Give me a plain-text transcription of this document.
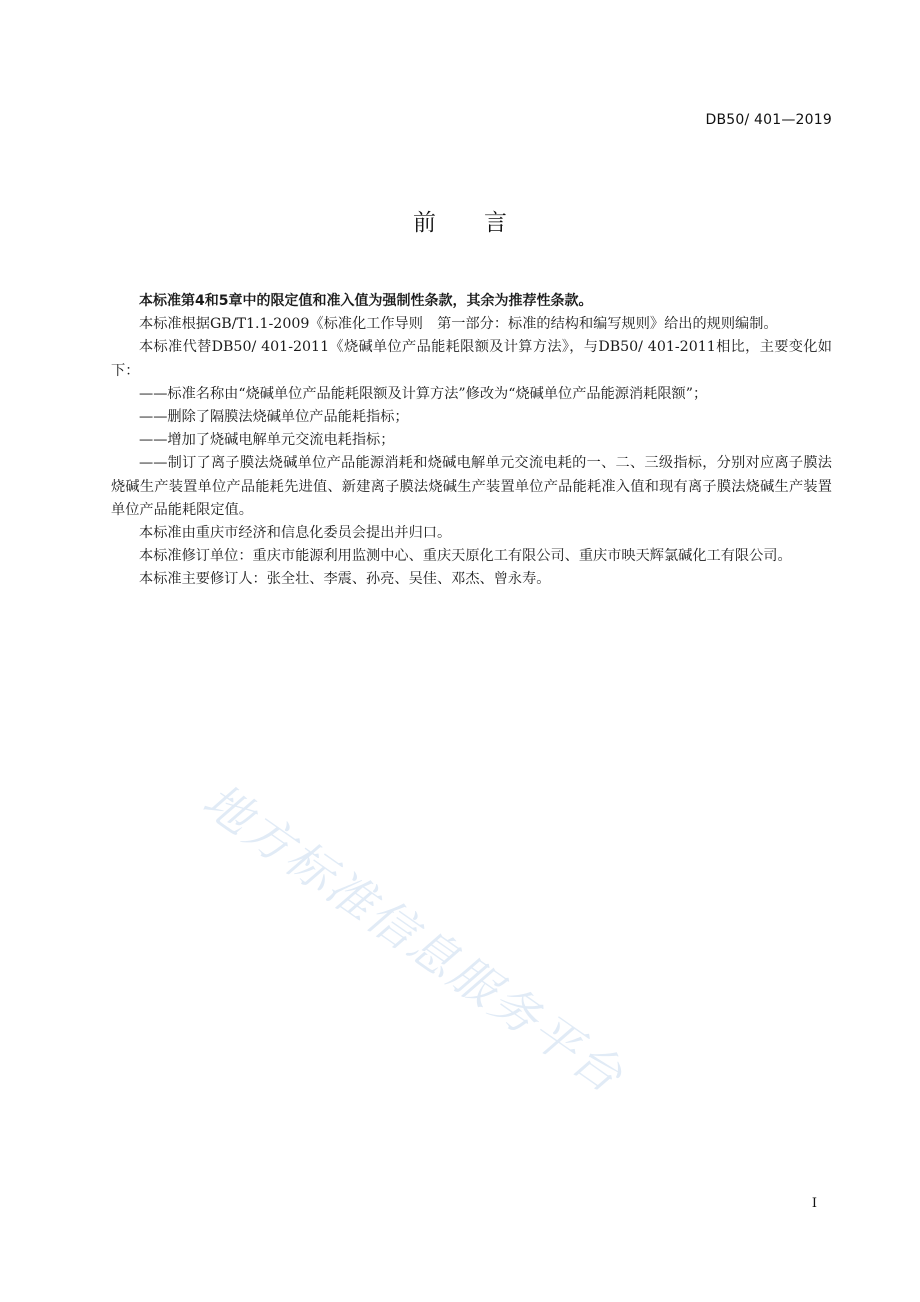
DB50/ 401—2019
前言

本标准第4和5章中的限定值和准入值为强制性条款，其余为推荐性条款。

本标准根据GB/T1.1-2009《标准化工作导则　第一部分：标准的结构和编写规则》给出的规则编制。

本标准代替DB50/ 401-2011《烧碱单位产品能耗限额及计算方法》，与DB50/ 401-2011相比，主要变化如下：

——标准名称由“烧碱单位产品能耗限额及计算方法”修改为“烧碱单位产品能源消耗限额”；

——删除了隔膜法烧碱单位产品能耗指标；

——增加了烧碱电解单元交流电耗指标；

——制订了离子膜法烧碱单位产品能源消耗和烧碱电解单元交流电耗的一、二、三级指标，分别对应离子膜法烧碱生产装置单位产品能耗先进值、新建离子膜法烧碱生产装置单位产品能耗准入值和现有离子膜法烧碱生产装置单位产品能耗限定值。

本标准由重庆市经济和信息化委员会提出并归口。

本标准修订单位：重庆市能源利用监测中心、重庆天原化工有限公司、重庆市映天辉氯碱化工有限公司。

本标准主要修订人：张全壮、李震、孙亮、吴佳、邓杰、曾永寿。

地方标准信息服务平台
I
